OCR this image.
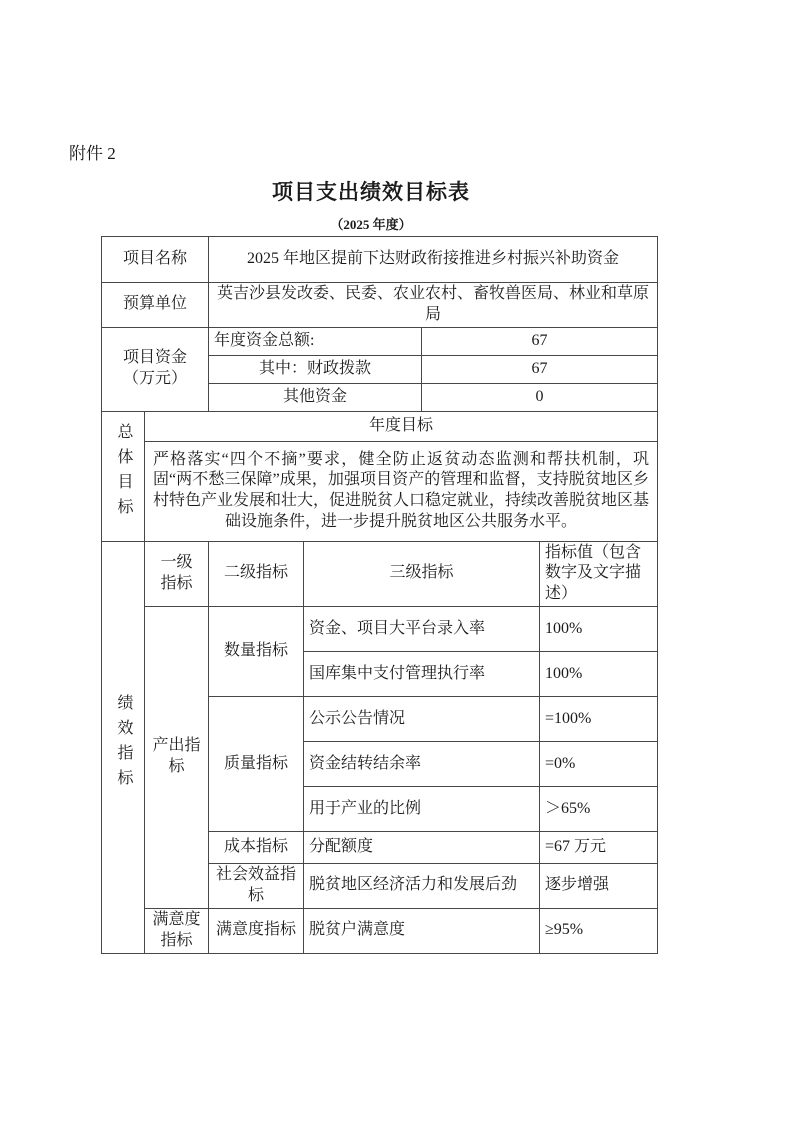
附件 2
项目支出绩效目标表
（2025 年度）
项目名称		2025 年地区提前下达财政衔接推进乡村振兴补助资金			
预算单位		英吉沙县发改委、民委、农业农村、畜牧兽医局、林业和草原局			
项目资金（万元）		年度资金总额:		67	
		其中：财政拨款		67	
		其他资金		0	
总体目标	年度目标				
	严格落实“四个不摘”要求，健全防止返贫动态监测和帮扶机制，巩固“两不愁三保障”成果，加强项目资产的管理和监督，支持脱贫地区乡村特色产业发展和壮大，促进脱贫人口稳定就业，持续改善脱贫地区基础设施条件，进一步提升脱贫地区公共服务水平。				
绩效指标	一级指标	二级指标	三级指标		指标值（包含数字及文字描述）
	产出指标	数量指标	资金、项目大平台录入率		100%
			国库集中支付管理执行率		100%
		质量指标	公示公告情况		=100%
			资金结转结余率		=0%
			用于产业的比例		＞65%
		成本指标	分配额度		=67 万元
		社会效益指标	脱贫地区经济活力和发展后劲		逐步增强
	满意度指标	满意度指标	脱贫户满意度		≥95%
